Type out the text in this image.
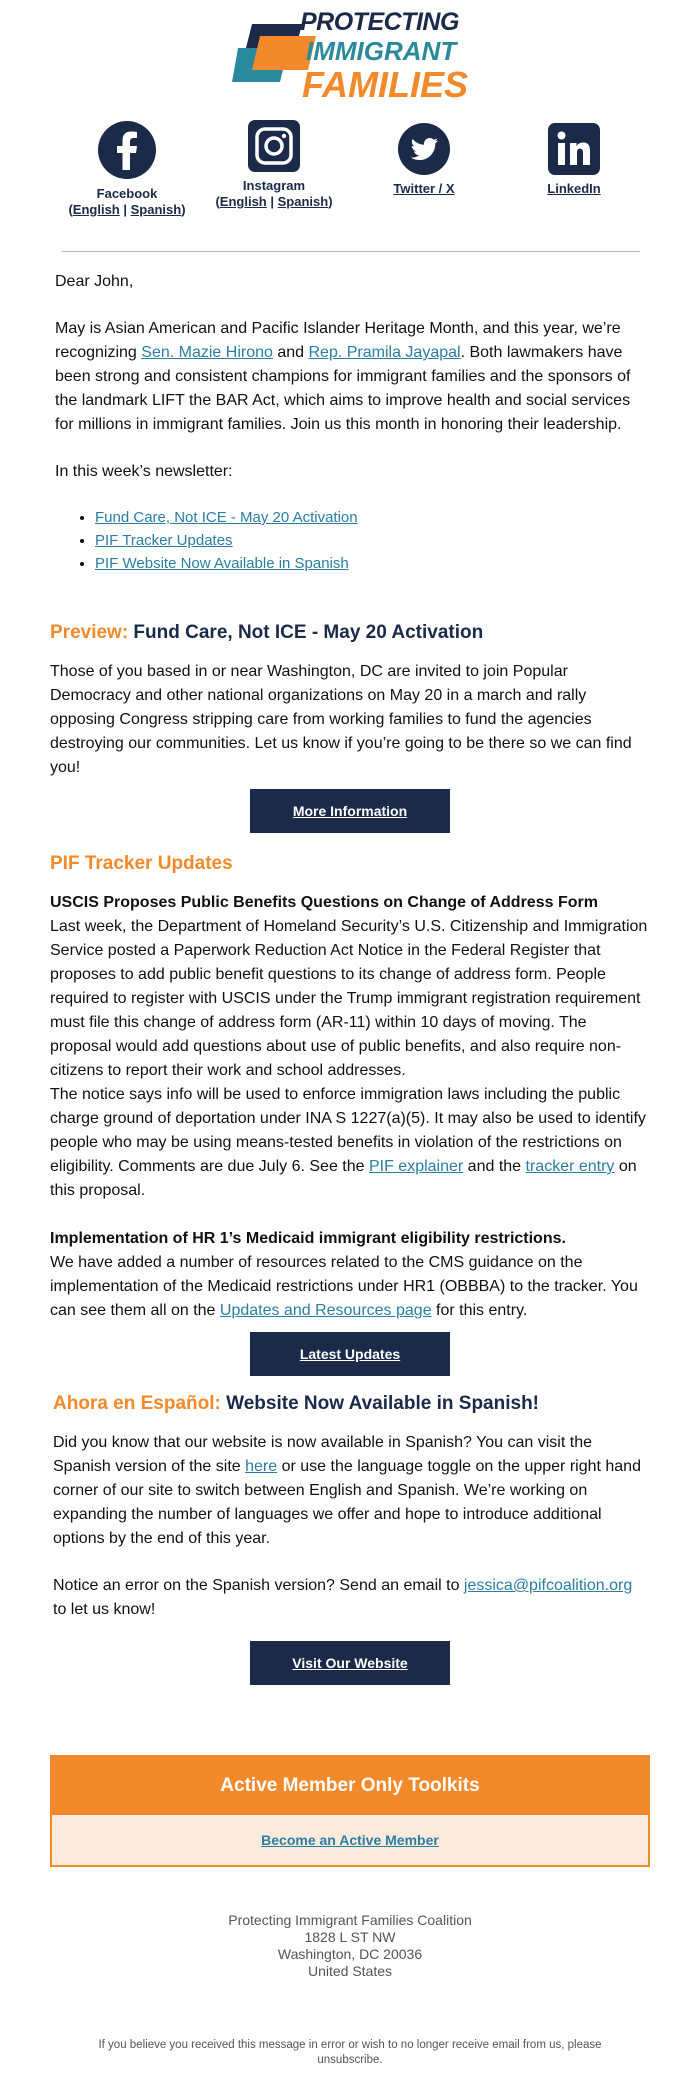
PROTECTING
IMMIGRANT
FAMILIES
Facebook
(English | Spanish)
Instagram
(English | Spanish)
Twitter / X	LinkedIn
Dear John,
May is Asian American and Pacific Islander Heritage Month, and this year, we’re recognizing Sen. Mazie Hirono and Rep. Pramila Jayapal. Both lawmakers have been strong and consistent champions for immigrant families and the sponsors of the landmark LIFT the BAR Act, which aims to improve health and social services for millions in immigrant families. Join us this month in honoring their leadership.
In this week’s newsletter:
• Fund Care, Not ICE - May 20 Activation
• PIF Tracker Updates
• PIF Website Now Available in Spanish
Preview: Fund Care, Not ICE - May 20 Activation
Those of you based in or near Washington, DC are invited to join Popular Democracy and other national organizations on May 20 in a march and rally opposing Congress stripping care from working families to fund the agencies destroying our communities. Let us know if you’re going to be there so we can find you!
More Information
PIF Tracker Updates
USCIS Proposes Public Benefits Questions on Change of Address Form
Last week, the Department of Homeland Security’s U.S. Citizenship and Immigration Service posted a Paperwork Reduction Act Notice in the Federal Register that proposes to add public benefit questions to its change of address form. People required to register with USCIS under the Trump immigrant registration requirement must file this change of address form (AR-11) within 10 days of moving. The proposal would add questions about use of public benefits, and also require non-citizens to report their work and school addresses.
The notice says info will be used to enforce immigration laws including the public charge ground of deportation under INA S 1227(a)(5). It may also be used to identify people who may be using means-tested benefits in violation of the restrictions on eligibility. Comments are due July 6. See the PIF explainer and the tracker entry on this proposal.
Implementation of HR 1’s Medicaid immigrant eligibility restrictions.
We have added a number of resources related to the CMS guidance on the implementation of the Medicaid restrictions under HR1 (OBBBA) to the tracker. You can see them all on the Updates and Resources page for this entry.
Latest Updates
Ahora en Español: Website Now Available in Spanish!
Did you know that our website is now available in Spanish? You can visit the Spanish version of the site here or use the language toggle on the upper right hand corner of our site to switch between English and Spanish. We’re working on expanding the number of languages we offer and hope to introduce additional options by the end of this year.
Notice an error on the Spanish version? Send an email to jessica@pifcoalition.org to let us know!
Visit Our Website
Active Member Only Toolkits
Become an Active Member
Protecting Immigrant Families Coalition
1828 L ST NW
Washington, DC 20036
United States
If you believe you received this message in error or wish to no longer receive email from us, please unsubscribe.
